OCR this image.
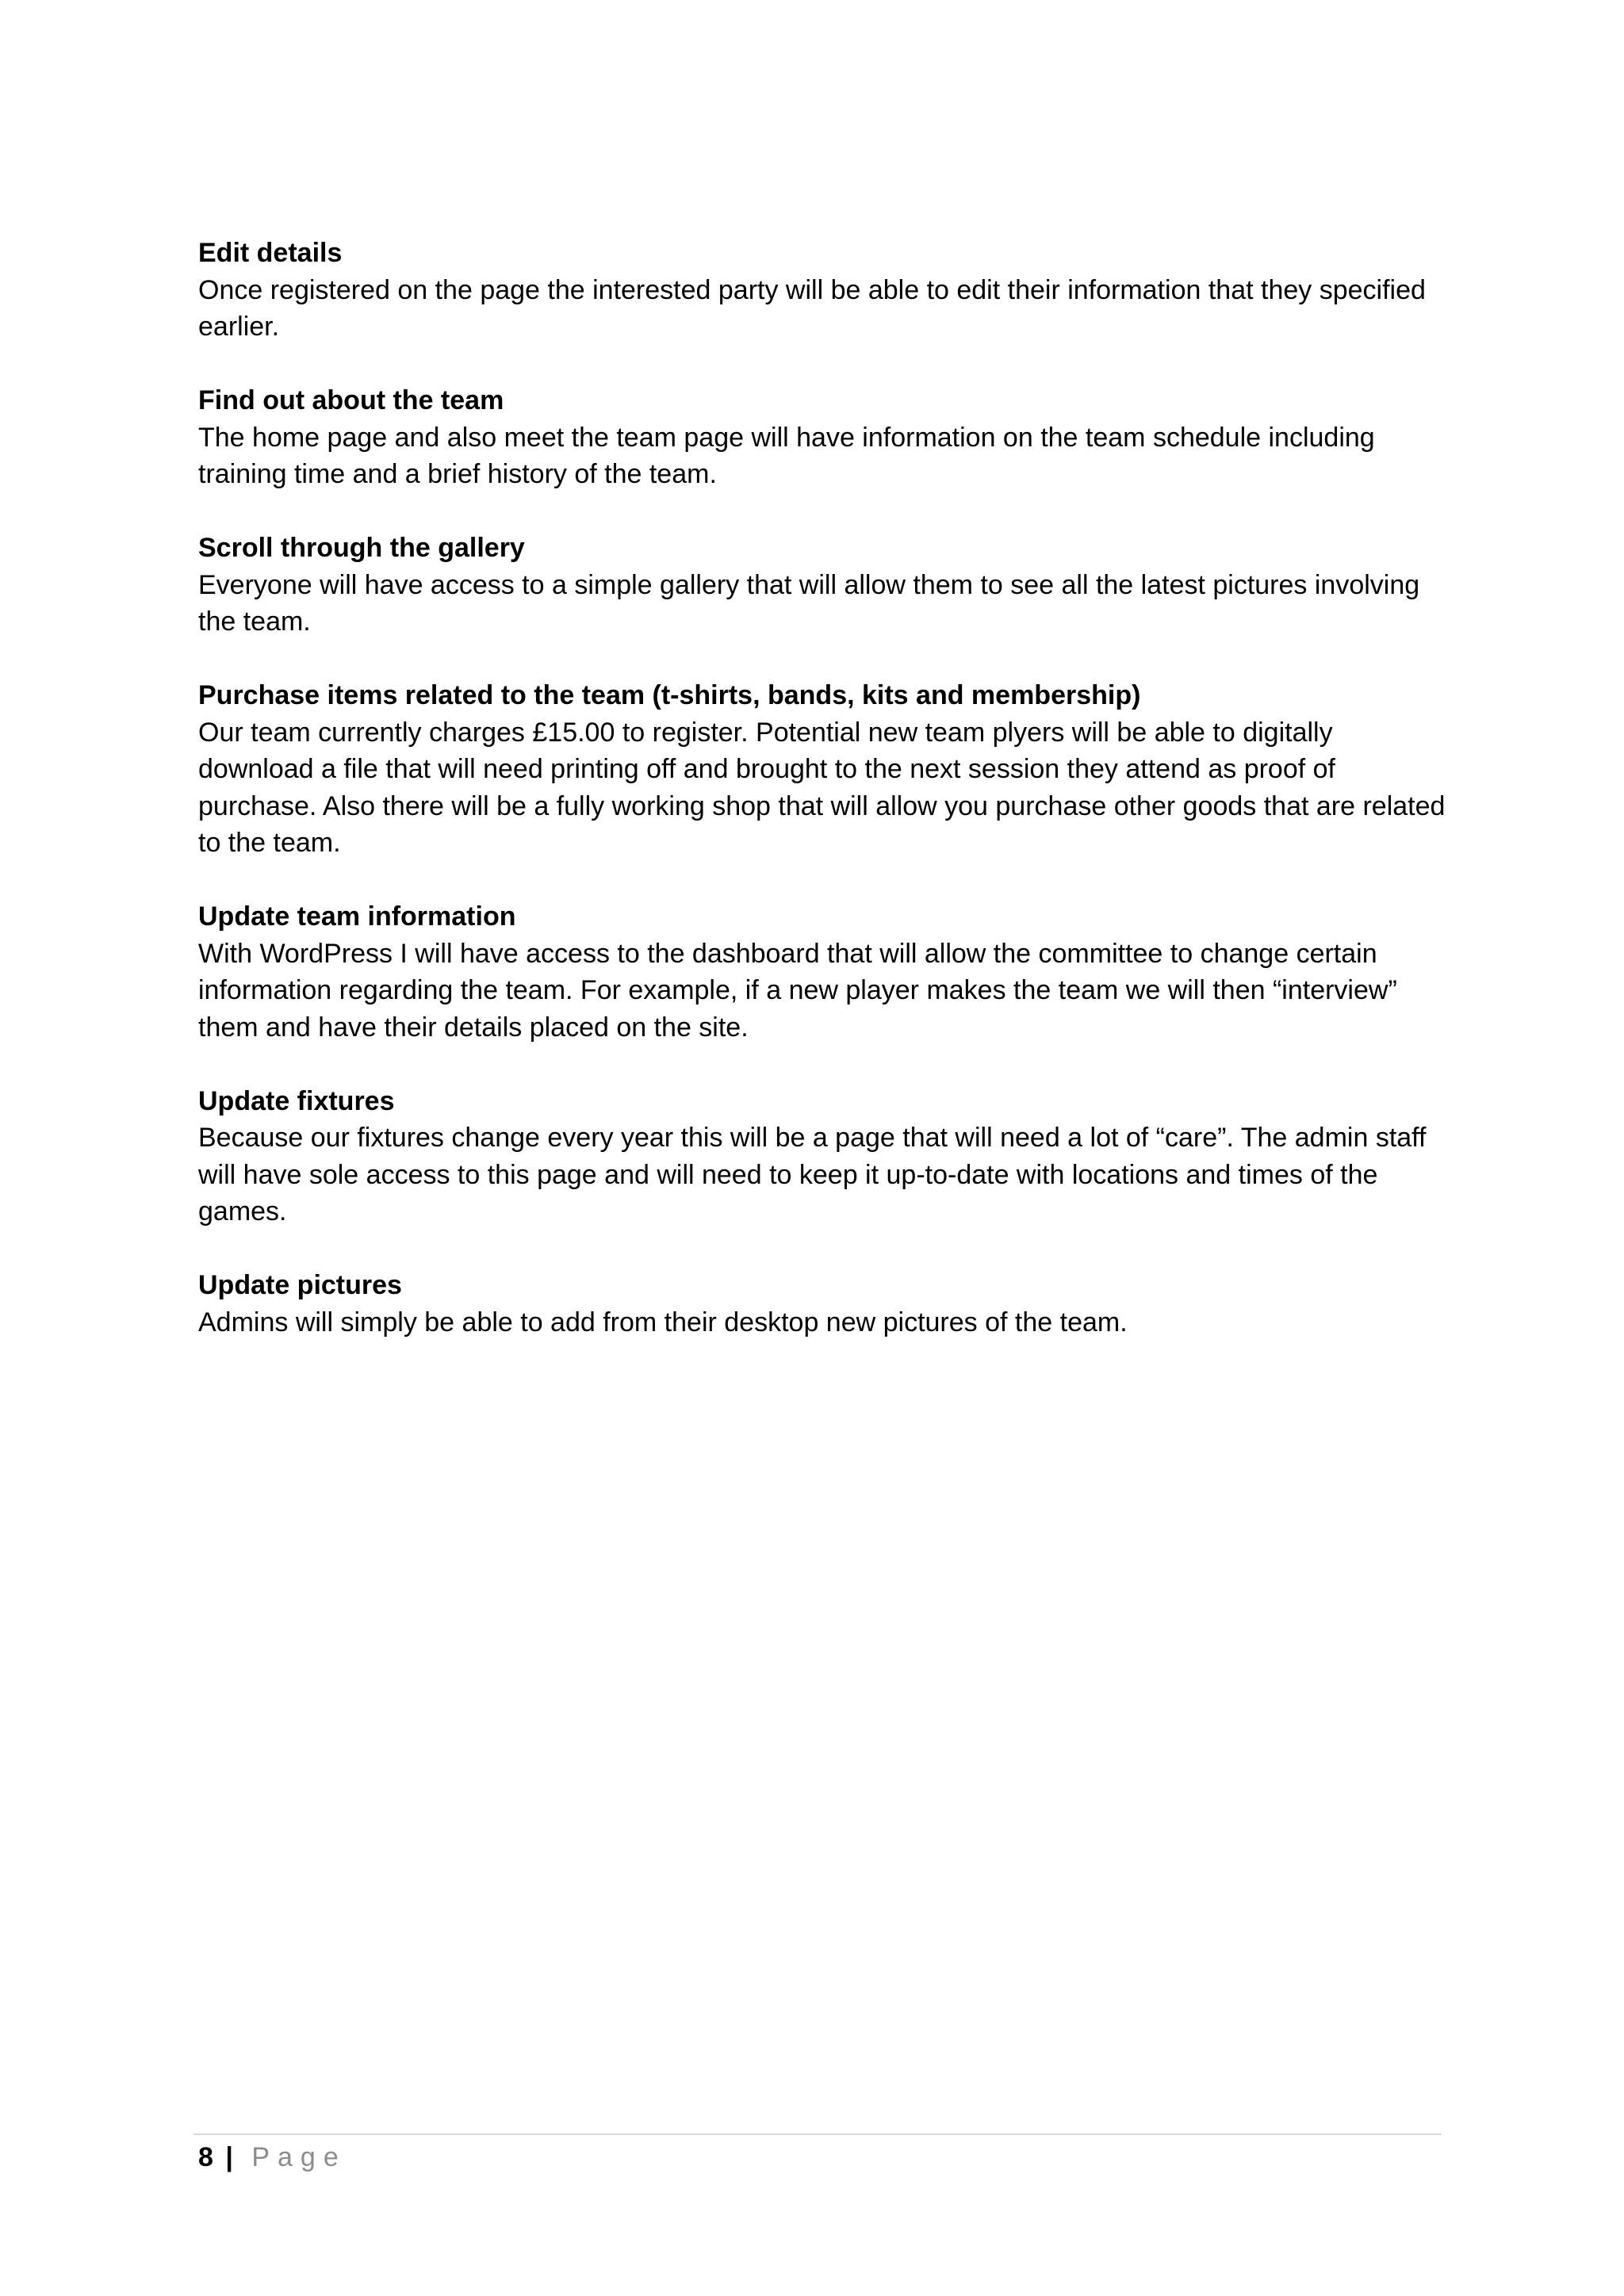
Edit details

Once registered on the page the interested party will be able to edit their information that they specified earlier.

Find out about the team

The home page and also meet the team page will have information on the team schedule including training time and a brief history of the team.

Scroll through the gallery

Everyone will have access to a simple gallery that will allow them to see all the latest pictures involving the team.

Purchase items related to the team (t-shirts, bands, kits and membership)

Our team currently charges £15.00 to register. Potential new team plyers will be able to digitally download a file that will need printing off and brought to the next session they attend as proof of purchase. Also there will be a fully working shop that will allow you purchase other goods that are related to the team.

Update team information

With WordPress I will have access to the dashboard that will allow the committee to change certain information regarding the team. For example, if a new player makes the team we will then “interview” them and have their details placed on the site.

Update fixtures

Because our fixtures change every year this will be a page that will need a lot of “care”. The admin staff will have sole access to this page and will need to keep it up-to-date with locations and times of the games.

Update pictures

Admins will simply be able to add from their desktop new pictures of the team.

8 | Page
